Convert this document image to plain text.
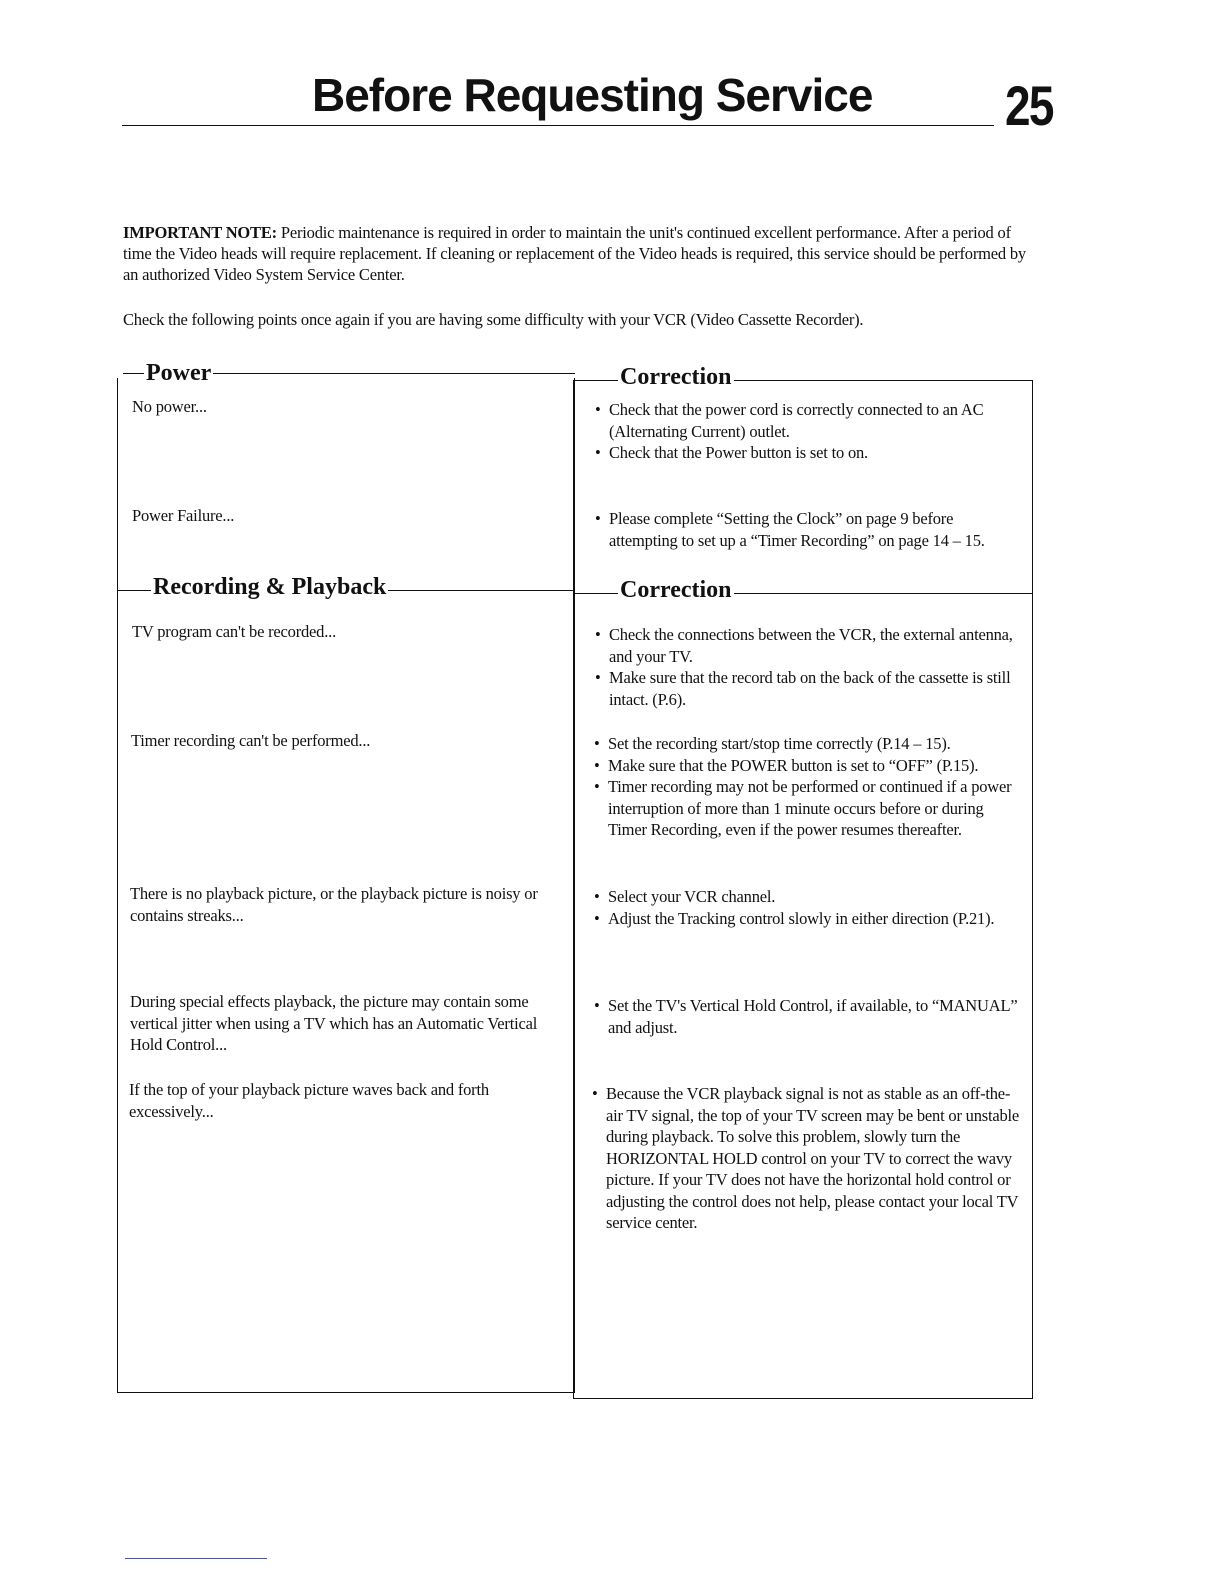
Before Requesting Service 25
IMPORTANT NOTE: Periodic maintenance is required in order to maintain the unit's continued excellent performance. After a period of time the Video heads will require replacement. If cleaning or replacement of the Video heads is required, this service should be performed by an authorized Video System Service Center.
Check the following points once again if you are having some difficulty with your VCR (Video Cassette Recorder).
Power	Correction
No power...	• Check that the power cord is correctly connected to an AC (Alternating Current) outlet.
• Check that the Power button is set to on.
Power Failure...	• Please complete “Setting the Clock” on page 9 before attempting to set up a “Timer Recording” on page 14 – 15.
Recording & Playback	Correction
TV program can't be recorded...	• Check the connections between the VCR, the external antenna, and your TV.
• Make sure that the record tab on the back of the cassette is still intact. (P.6).
Timer recording can't be performed...	• Set the recording start/stop time correctly (P.14 – 15).
• Make sure that the POWER button is set to “OFF” (P.15).
• Timer recording may not be performed or continued if a power interruption of more than 1 minute occurs before or during Timer Recording, even if the power resumes thereafter.
There is no playback picture, or the playback picture is noisy or contains streaks...
• Select your VCR channel.
• Adjust the Tracking control slowly in either direction (P.21).
During special effects playback, the picture may contain some vertical jitter when using a TV which has an Automatic Vertical Hold Control...
• Set the TV's Vertical Hold Control, if available, to “MANUAL” and adjust.
If the top of your playback picture waves back and forth excessively...
• Because the VCR playback signal is not as stable as an off-the-air TV signal, the top of your TV screen may be bent or unstable during playback. To solve this problem, slowly turn the HORIZONTAL HOLD control on your TV to correct the wavy picture. If your TV does not have the horizontal hold control or adjusting the control does not help, please contact your local TV service center.
